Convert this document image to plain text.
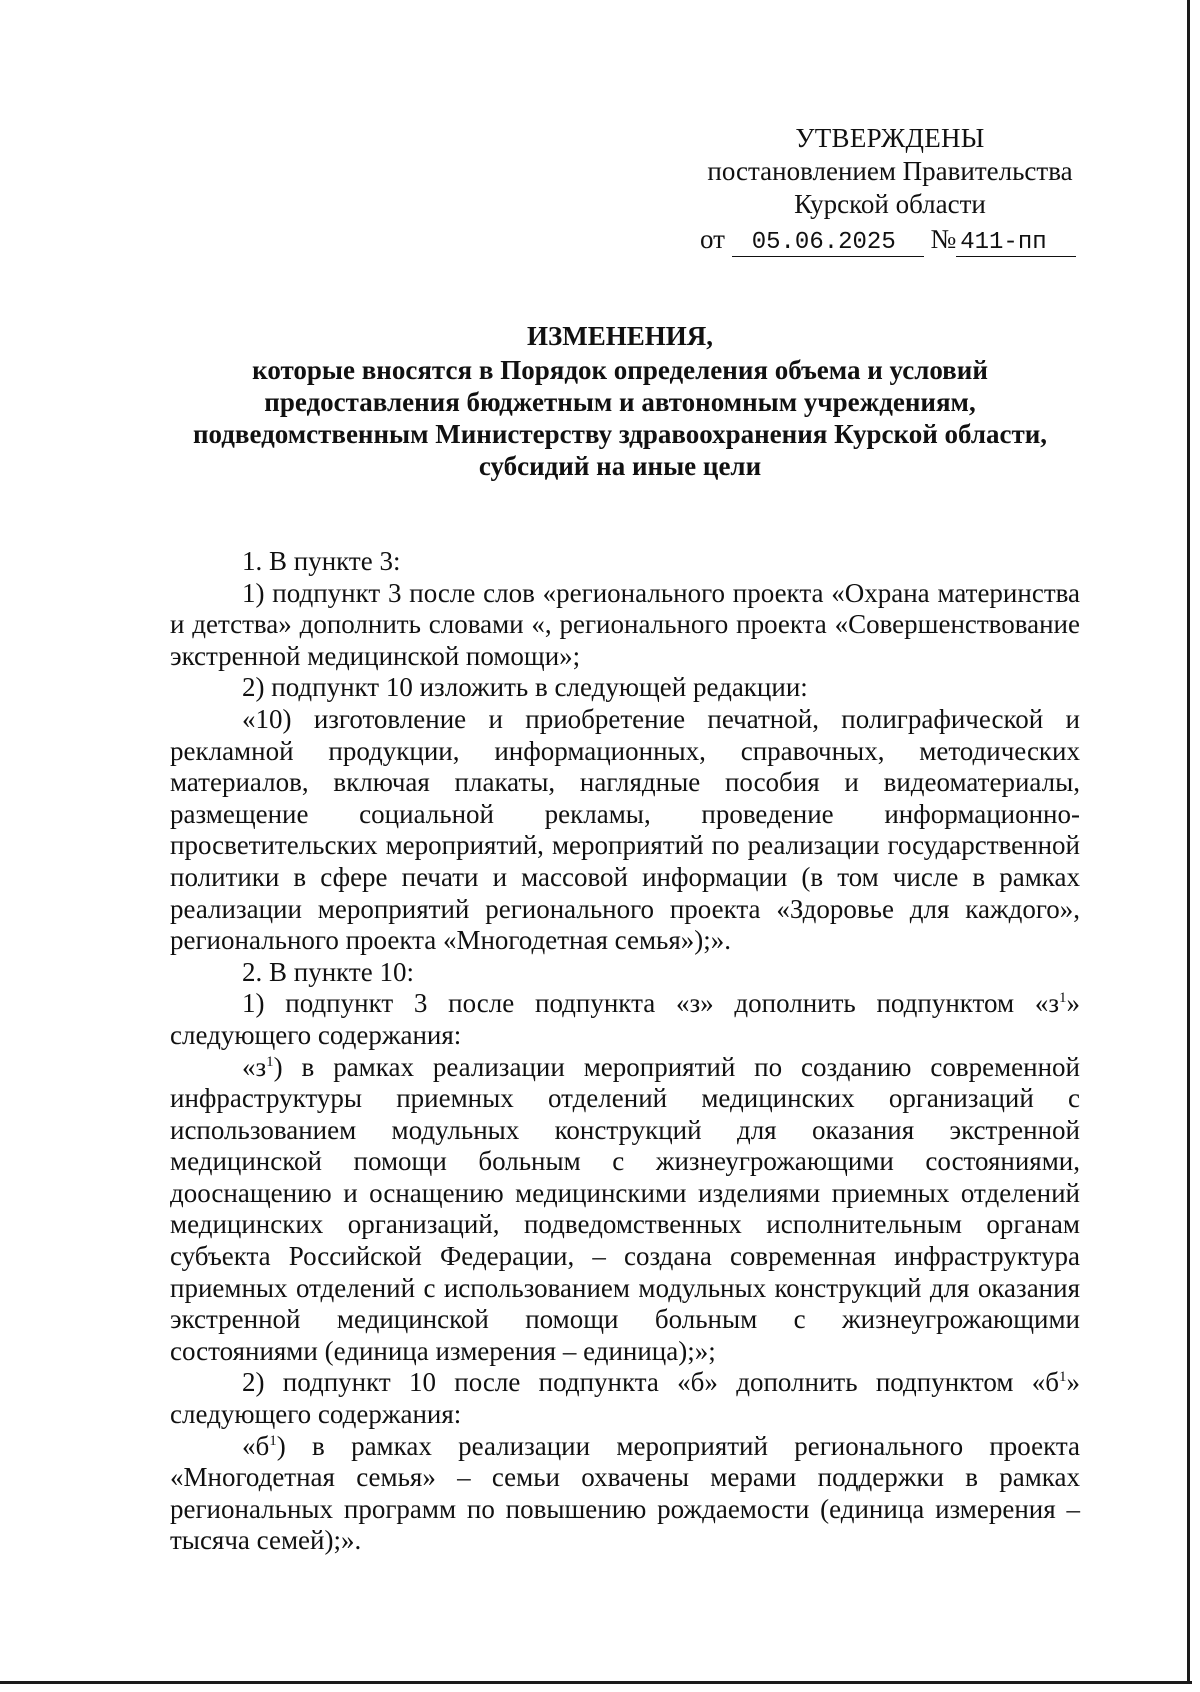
УТВЕРЖДЕНЫ
постановлением Правительства
Курской области
от 05.06.2025 № 411-пп
ИЗМЕНЕНИЯ,
которые вносятся в Порядок определения объема и условий
предоставления бюджетным и автономным учреждениям,
подведомственным Министерству здравоохранения Курской области,
субсидий на иные цели

1. В пункте 3:

1) подпункт 3 после слов «регионального проекта «Охрана материнства и детства» дополнить словами «, регионального проекта «Совершенствование экстренной медицинской помощи»;

2) подпункт 10 изложить в следующей редакции:

«10) изготовление и приобретение печатной, полиграфической и рекламной продукции, информационных, справочных, методических материалов, включая плакаты, наглядные пособия и видеоматериалы, размещение социальной рекламы, проведение информационно-просветительских мероприятий, мероприятий по реализации государственной политики в сфере печати и массовой информации (в том числе в рамках реализации мероприятий регионального проекта «Здоровье для каждого», регионального проекта «Многодетная семья»);».

2. В пункте 10:

1) подпункт 3 после подпункта «з» дополнить подпунктом «$з^1$» следующего содержания:

«$з^1$) в рамках реализации мероприятий по созданию современной инфраструктуры приемных отделений медицинских организаций с использованием модульных конструкций для оказания экстренной медицинской помощи больным с жизнеугрожающими состояниями, дооснащению и оснащению медицинскими изделиями приемных отделений медицинских организаций, подведомственных исполнительным органам субъекта Российской Федерации, – создана современная инфраструктура приемных отделений с использованием модульных конструкций для оказания экстренной медицинской помощи больным с жизнеугрожающими состояниями (единица измерения – единица);»;

2) подпункт 10 после подпункта «б» дополнить подпунктом «$б^1$» следующего содержания:

«$б^1$) в рамках реализации мероприятий регионального проекта «Многодетная семья» – семьи охвачены мерами поддержки в рамках региональных программ по повышению рождаемости (единица измерения – тысяча семей);».
